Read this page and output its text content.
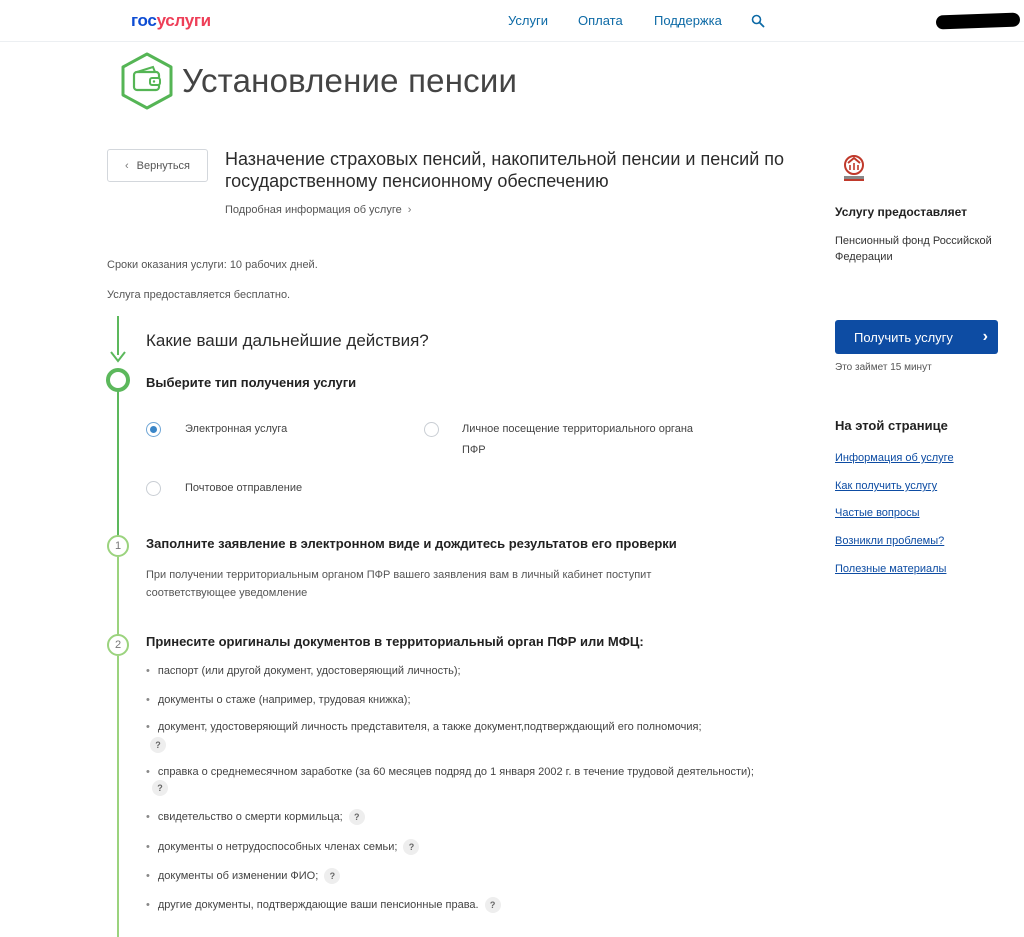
госуслуги	Услуги Оплата Поддержка
Установление пенсии
‹ Вернуться Назначение страховых пенсий, накопительной пенсии и пенсий по государственному пенсионному обеспечению
Подробная информация об услуге ›
Сроки оказания услуги: 10 рабочих дней.
Услуга предоставляется бесплатно.
1
2
Какие ваши дальнейшие действия?
Выберите тип получения услуги
Электронная услуга	Личное посещение территориального органа ПФР
Почтовое отправление
Заполните заявление в электронном виде и дождитесь результатов его проверки
При получении территориальным органом ПФР вашего заявления вам в личный кабинет поступит соответствующее уведомление
Принесите оригиналы документов в территориальный орган ПФР или МФЦ:
• паспорт (или другой документ, удостоверяющий личность);
• документы о стаже (например, трудовая книжка);
• документ, удостоверяющий личность представителя, а также документ,подтверждающий его полномочия;
?
• справка о среднемесячном заработке (за 60 месяцев подряд до 1 января 2002 г. в течение трудовой деятельности);?
• свидетельство о смерти кормильца; ?
• документы о нетрудоспособных членах семьи; ?
• документы об изменении ФИО; ?
• другие документы, подтверждающие ваши пенсионные права. ?
Услугу предоставляет
Пенсионный фонд Российской Федерации
Получить услугу ›
Это займет 15 минут
На этой странице
Информация об услуге
Как получить услугу
Частые вопросы
Возникли проблемы?
Полезные материалы
